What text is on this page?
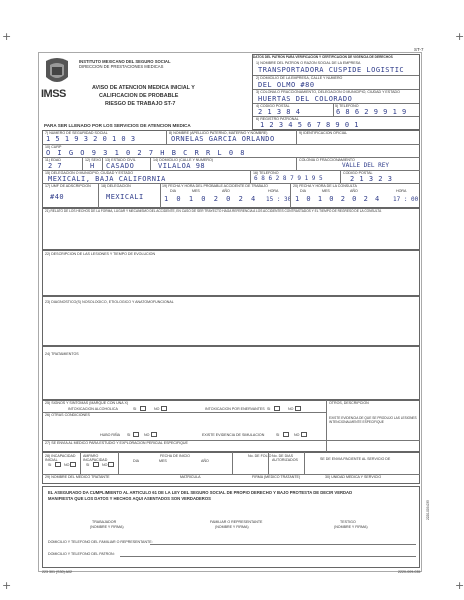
+	+
+	+
ST-7
IMSS
INSTITUTO MEXICANO DEL SEGURO SOCIAL
DIRECCION DE PRESTACIONES MEDICAS
AVISO DE ATENCION MEDICA INICIAL Y
CALIFICACION DE PROBABLE
RIESGO DE TRABAJO ST-7
DATOS DEL PATRON PARA VERIFICACION Y CERTIFICACION DE VIGENCIA DE DERECHOS
1) NOMBRE DEL PATRON O RAZON SOCIAL DE LA EMPRESA
TRANSPORTADORA CUSPIDE LOGISTIC
2) DOMICILIO DE LA EMPRESA, CALLE Y NUMERO
DEL OLMO #80
3) COLONIA O FRACCIONAMIENTO, DELEGACION O MUNICIPIO, CIUDAD Y ESTADO
HUERTAS DEL COLORADO
4) CODIGO POSTAL
2 1 3 8 4
5) TELEFONO
6 8 6 2 9 9 1 9
6) REGISTRO PATRONAL
1 2 3 4 5 6 7 8 9 0 1
PARA SER LLENADO POR LOS SERVICIOS DE ATENCION MEDICA
7) NUMERO DE SEGURIDAD SOCIAL
1 5 1 9 3 2 0 1 0 3
8) NOMBRE (APELLIDO PATERNO, MATERNO Y NOMBRE)
ORNELAS GARCIA ORLANDO
9) IDENTIFICACION OFICIAL
10) CURP
O I G O 9 3 1 0 2 7 H B C R R L 0 8
11) EDAD
2 7
12) SEXO
H
13) ESTADO CIVIL
CASADO
14) DOMICILIO (CALLE Y NUMERO)
VILALOA 98
COLONIA O FRACCIONAMIENTO
VALLE DEL REY
15) DELEGACION O MUNICIPIO, CIUDAD Y ESTADO
MEXICALI, BAJA CALIFORNIA
16) TELEFONO
6 8 6 2 8 7 9 1 9 5
CODIGO POSTAL
2 1 3 2 3
17) UMF DE ADSCRIPCION
#40
18) DELEGACION
MEXICALI
19) FECHA Y HORA DEL PROBABLE ACCIDENTE DE TRABAJO
DIA	MES	AÑO	HORA
1 0 1 0 2 0 2 4 15 : 30
20) FECHA Y HORA DE LA CONSULTA
DIA	MES	AÑO	HORA
1 0 1 0 2 0 2 4 17 : 00
21) RELATO DE LOS HECHOS DE LA FORMA, LUGAR Y MECANISMO DEL ACCIDENTE, EN CASO DE SER TRAYECTO HAGA REFERENCIA A LOS ACCIDENTES CONTRASTADOS Y EL TIEMPO DE REGRESO DE LA CONSULTA
22) DESCRIPCION DE LAS LESIONES Y TIEMPO DE EVOLUCION
23) DIAGNOSTICO(S) NOSOLOGICO, ETIOLOGICO Y ANATOMOFUNCIONAL
24) TRATAMIENTOS
25) SIGNOS Y SINTOMAS (MARQUE CON UNA X)
INTOXICACION ALCOHOLICA	SI	NO	INTOXICACION POR ENERVANTES SI	NO
OTROS, DESCRIPCION
26) OTRAS CONDICIONES
HUBO RIÑA SI	NO	EXISTE EVIDENCIA DE SIMULACION	SI	NO
EXISTE EVIDENCIA DE QUE SE PRODUJO LAS LESIONES INTENCIONALMENTE ESPECIFIQUE
27) SE ENVIA AL MEDICO PARA ESTUDIO Y EXPLORACION PERICIAL ESPECIFIQUE
28) INCAPACIDAD INICIAL
SI	NO
AMPARO INCAPACIDAD
SI	NO
FECHA DE INICIO
DIA	MES	AÑO
No. DE FOLIO No. DE DIAS AUTORIZADOS	SE DE ENVIA PACIENTE AL SERVICIO DE
29) NOMBRE DEL MEDICO TRATANTE	MATRICULA	FIRMA (MEDICO TRATANTE)	30) UNIDAD MEDICA Y SERVICIO
EL ASEGURADO DA CUMPLIMIENTO AL ARTICULO 61 DE LA LEY DEL SEGURO SOCIAL DE PROPIO DERECHO Y BAJO PROTESTA DE DECIR VERDAD
MANIFIESTA QUE LOS DATOS Y HECHOS AQUI ASENTADOS SON VERDADEROS
TRABAJADOR
(NOMBRE Y FIRMA)
FAMILIAR O REPRESENTANTE
(NOMBRE Y FIRMA)
TESTIGO
(NOMBRE Y FIRMA)
DOMICILIO Y TELEFONO DEL FAMILIAR O REPRESENTANTE:
DOMICILIO Y TELEFONO DEL PATRON:
223 301 (S30) A02	2220-009-035
2220-009-035
